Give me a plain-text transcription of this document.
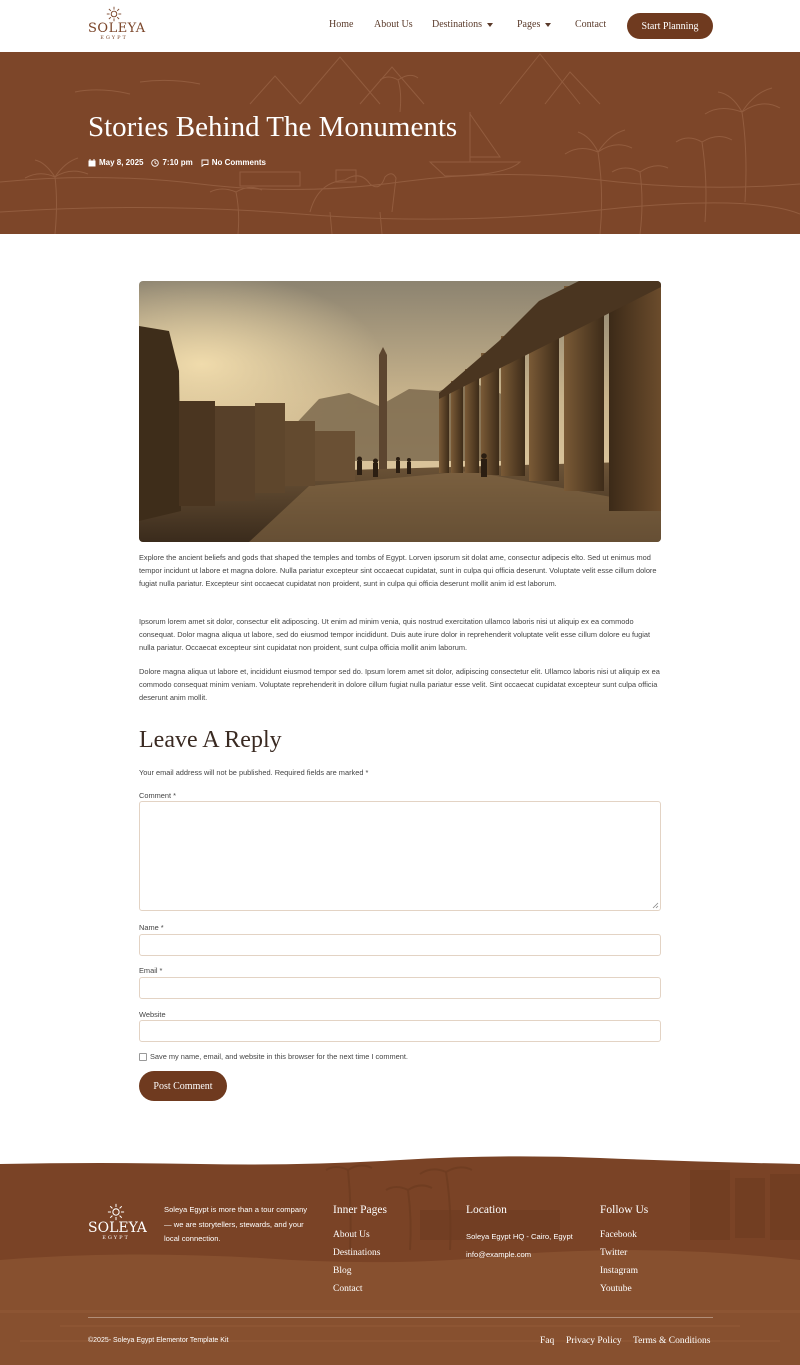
SOLEYA
EGYPT
Home About Us Destinations	Pages	Contact	Start Planning
Stories Behind The Monuments
May 8, 2025 7:10 pm No Comments

Explore the ancient beliefs and gods that shaped the temples and tombs of Egypt. Lorven ipsorum sit dolat ame, consectur adipecis elto. Sed ut enimus mod tempor incidunt ut labore et magna dolore. Nulla pariatur excepteur sint occaecat cupidatat, sunt in culpa qui officia deserunt. Voluptate velit esse cillum dolore fugiat nulla pariatur. Excepteur sint occaecat cupidatat non proident, sunt in culpa qui officia deserunt mollit anim id est laborum.

Ipsorum lorem amet sit dolor, consectur elit adiposcing. Ut enim ad minim venia, quis nostrud exercitation ullamco laboris nisi ut aliquip ex ea commodo consequat. Dolor magna aliqua ut labore, sed do eiusmod tempor incididunt. Duis aute irure dolor in reprehenderit voluptate velit esse cillum dolore eu fugiat nulla pariatur. Occaecat excepteur sint cupidatat non proident, sunt culpa officia mollit anim laborum.

Dolore magna aliqua ut labore et, incididunt eiusmod tempor sed do. Ipsum lorem amet sit dolor, adipiscing consectetur elit. Ullamco laboris nisi ut aliquip ex ea commodo consequat minim veniam. Voluptate reprehenderit in dolore cillum fugiat nulla pariatur esse velit. Sint occaecat cupidatat excepteur sunt culpa officia deserunt anim mollit.

Leave A Reply
Your email address will not be published. Required fields are marked *
Comment *
Name *
Email *
Website
Save my name, email, and website in this browser for the next time I comment.
Post Comment
SOLEYA
EGYPT
Soleya Egypt is more than a tour company — we are storytellers, stewards, and your local connection.
Inner Pages
About Us
Destinations
Blog
Contact
Location
Soleya Egypt HQ - Cairo, Egypt
info@example.com
Follow Us
Facebook
Twitter
Instagram
Youtube
©2025- Soleya Egypt Elementor Template Kit	Faq Privacy Policy Terms & Conditions
